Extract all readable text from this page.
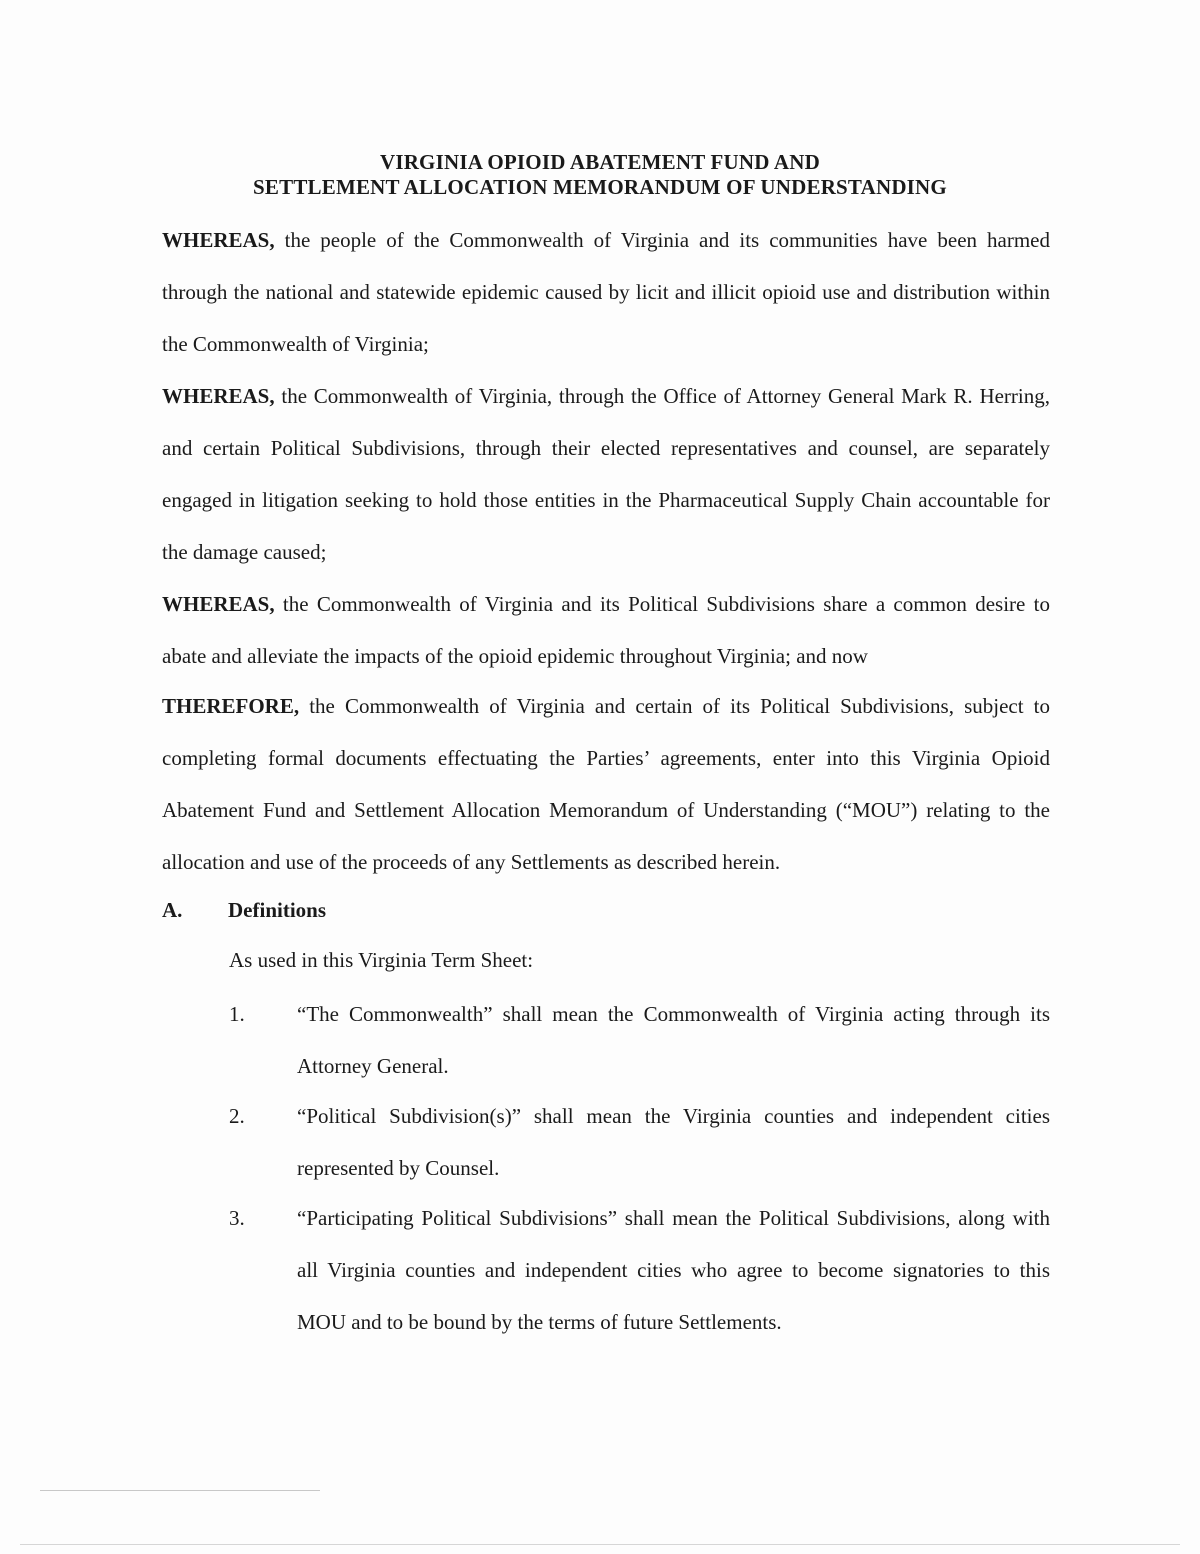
VIRGINIA OPIOID ABATEMENT FUND AND
SETTLEMENT ALLOCATION MEMORANDUM OF UNDERSTANDING
WHEREAS, the people of the Commonwealth of Virginia and its communities have been harmed through the national and statewide epidemic caused by licit and illicit opioid use and distribution within the Commonwealth of Virginia;
WHEREAS, the Commonwealth of Virginia, through the Office of Attorney General Mark R. Herring, and certain Political Subdivisions, through their elected representatives and counsel, are separately engaged in litigation seeking to hold those entities in the Pharmaceutical Supply Chain accountable for the damage caused;
WHEREAS, the Commonwealth of Virginia and its Political Subdivisions share a common desire to abate and alleviate the impacts of the opioid epidemic throughout Virginia; and now
THEREFORE, the Commonwealth of Virginia and certain of its Political Subdivisions, subject to completing formal documents effectuating the Parties’ agreements, enter into this Virginia Opioid Abatement Fund and Settlement Allocation Memorandum of Understanding (“MOU”) relating to the allocation and use of the proceeds of any Settlements as described herein.
A. Definitions
As used in this Virginia Term Sheet:
1. “The Commonwealth” shall mean the Commonwealth of Virginia acting through its Attorney General.
2. “Political Subdivision(s)” shall mean the Virginia counties and independent cities represented by Counsel.
3. “Participating Political Subdivisions” shall mean the Political Subdivisions, along with all Virginia counties and independent cities who agree to become signatories to this MOU and to be bound by the terms of future Settlements.
